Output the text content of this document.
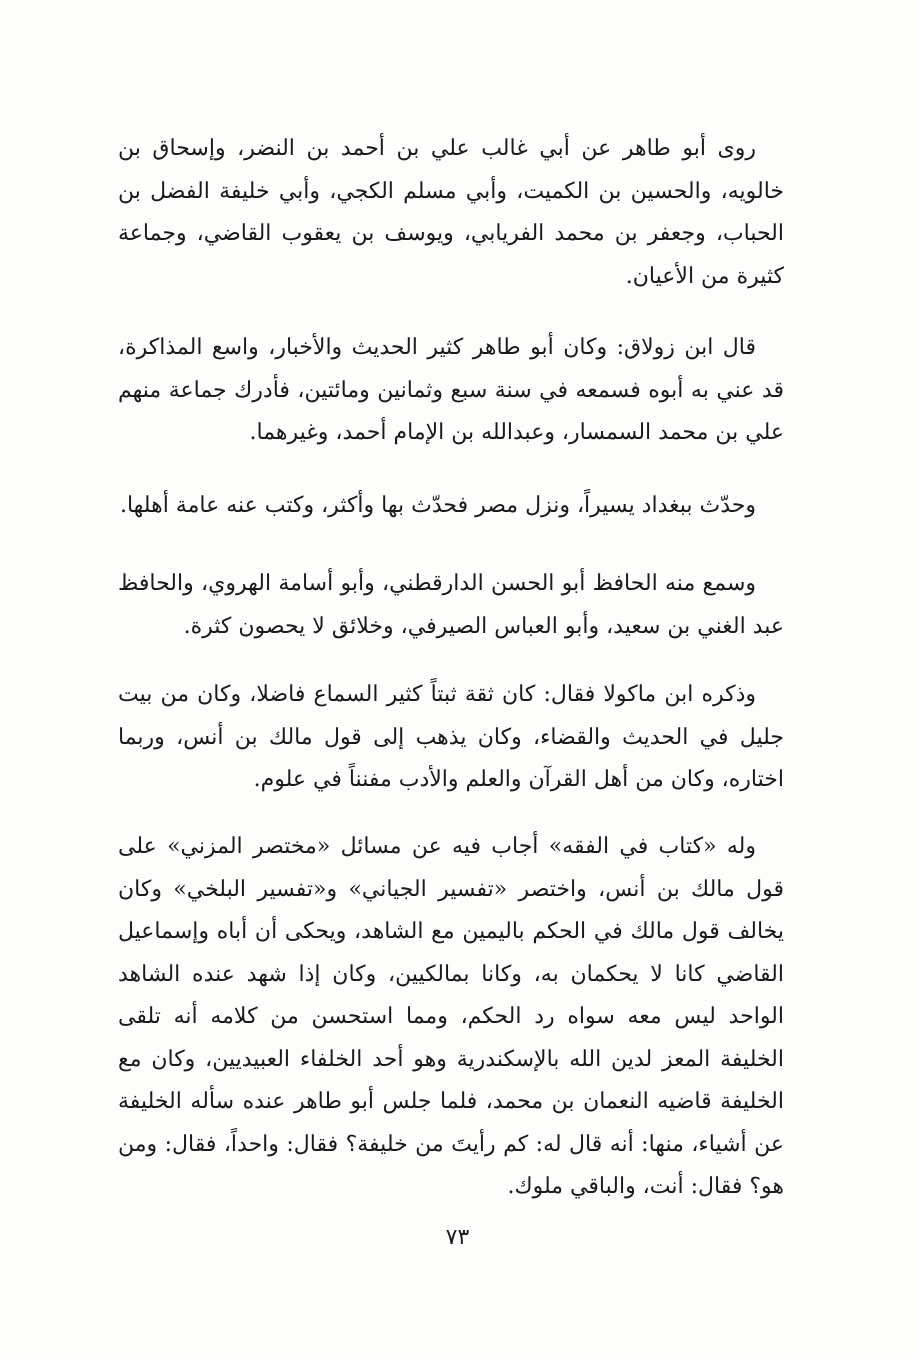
روى أبو طاهر عن أبي غالب علي بن أحمد بن النضر، وإسحاق بن خالويه، والحسين بن الكميت، وأبي مسلم الكجي، وأبي خليفة الفضل بن الحباب، وجعفر بن محمد الفريابي، ويوسف بن يعقوب القاضي، وجماعة كثيرة من الأعيان.

قال ابن زولاق: وكان أبو طاهر كثير الحديث والأخبار، واسع المذاكرة، قد عني به أبوه فسمعه في سنة سبع وثمانين ومائتين، فأدرك جماعة منهم علي بن محمد السمسار، وعبدالله بن الإمام أحمد، وغيرهما.

وحدّث ببغداد يسيراً، ونزل مصر فحدّث بها وأكثر، وكتب عنه عامة أهلها.

وسمع منه الحافظ أبو الحسن الدارقطني، وأبو أسامة الهروي، والحافظ عبد الغني بن سعيد، وأبو العباس الصيرفي، وخلائق لا يحصون كثرة.

وذكره ابن ماكولا فقال: كان ثقة ثبتاً كثير السماع فاضلا، وكان من بيت جليل في الحديث والقضاء، وكان يذهب إلى قول مالك بن أنس، وربما اختاره، وكان من أهل القرآن والعلم والأدب مفنناً في علوم.

وله «كتاب في الفقه» أجاب فيه عن مسائل «مختصر المزني» على قول مالك بن أنس، واختصر «تفسير الجياني» و«تفسير البلخي» وكان يخالف قول مالك في الحكم باليمين مع الشاهد، ويحكى أن أباه وإسماعيل القاضي كانا لا يحكمان به، وكانا بمالكيين، وكان إذا شهد عنده الشاهد الواحد ليس معه سواه رد الحكم، ومما استحسن من كلامه أنه تلقى الخليفة المعز لدين الله بالإسكندرية وهو أحد الخلفاء العبيديين، وكان مع الخليفة قاضيه النعمان بن محمد، فلما جلس أبو طاهر عنده سأله الخليفة عن أشياء، منها: أنه قال له: كم رأيتَ من خليفة؟ فقال: واحداً، فقال: ومن هو؟ فقال: أنت، والباقي ملوك.

٧٣
